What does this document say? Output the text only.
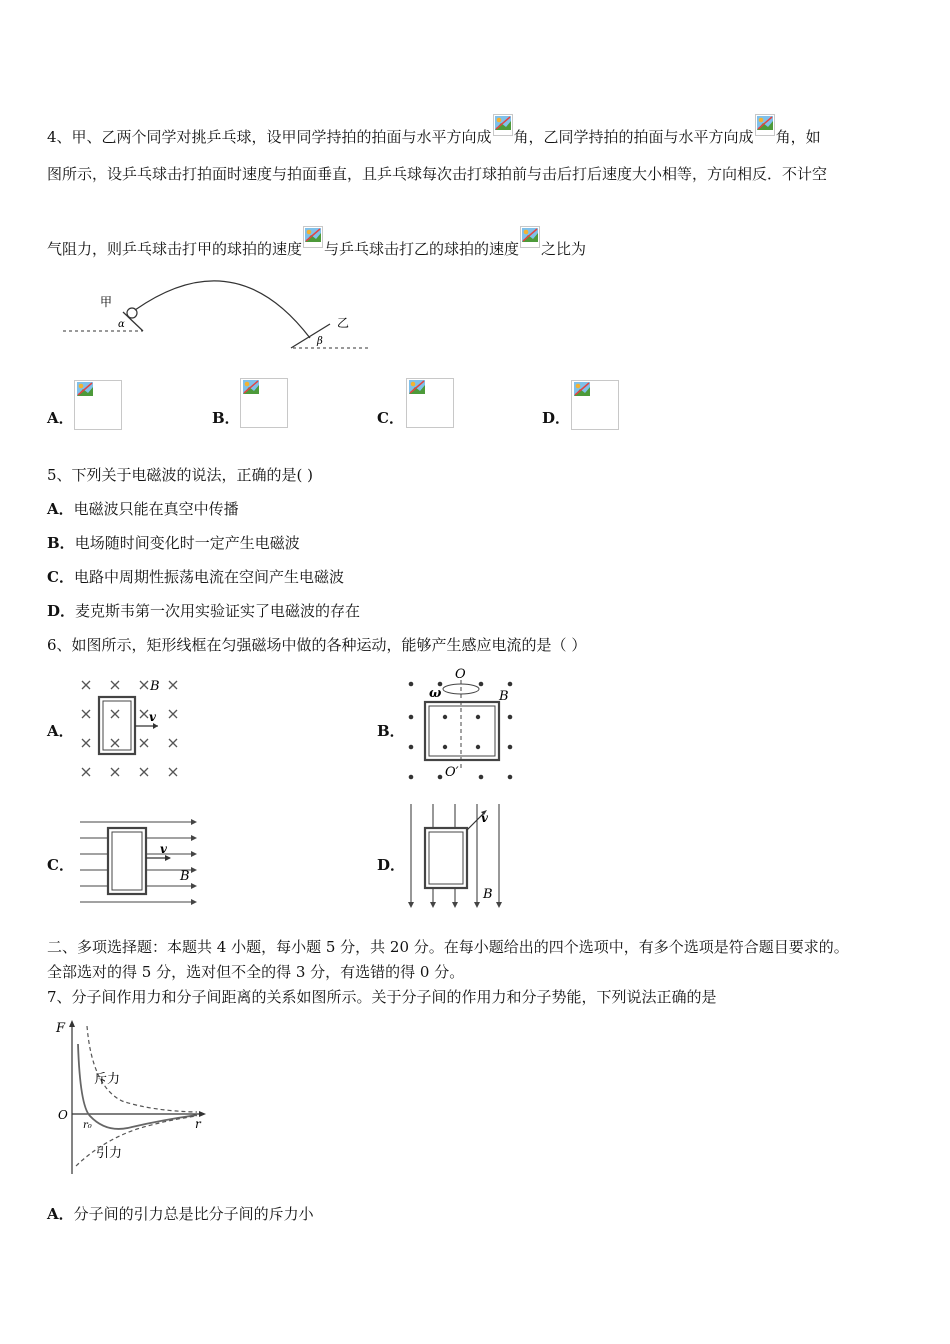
4、甲、乙两个同学对挑乒乓球，设甲同学持拍的拍面与水平方向成 角，乙同学持拍的拍面与水平方向成 角，如
图所示，设乒乓球击打拍面时速度与拍面垂直，且乒乓球每次击打球拍前与击后打后速度大小相等，方向相反．不计空
气阻力，则乒乓球击打甲的球拍的速度 与乒乓球击打乙的球拍的速度 之比为
甲
α	乙
β
A．	B．	C．	D．
5、下列关于电磁波的说法，正确的是( )
A．电磁波只能在真空中传播
B．电场随时间变化时一定产生电磁波
C．电路中周期性振荡电流在空间产生电磁波
D．麦克斯韦第一次用实验证实了电磁波的存在
6、如图所示，矩形线框在匀强磁场中做的各种运动，能够产生感应电流的是（ ）
A．
v
B
B．
O
ω	B
O′
C．
v
B
D．
v
B
二、多项选择题：本题共 4 小题，每小题 5 分，共 20 分。在每小题给出的四个选项中，有多个选项是符合题目要求的。
全部选对的得 5 分，选对但不全的得 3 分，有选错的得 0 分。
7、分子间作用力和分子间距离的关系如图所示。关于分子间的作用力和分子势能，下列说法正确的是
F
O
r₀	r
斥力
引力
A．分子间的引力总是比分子间的斥力小
